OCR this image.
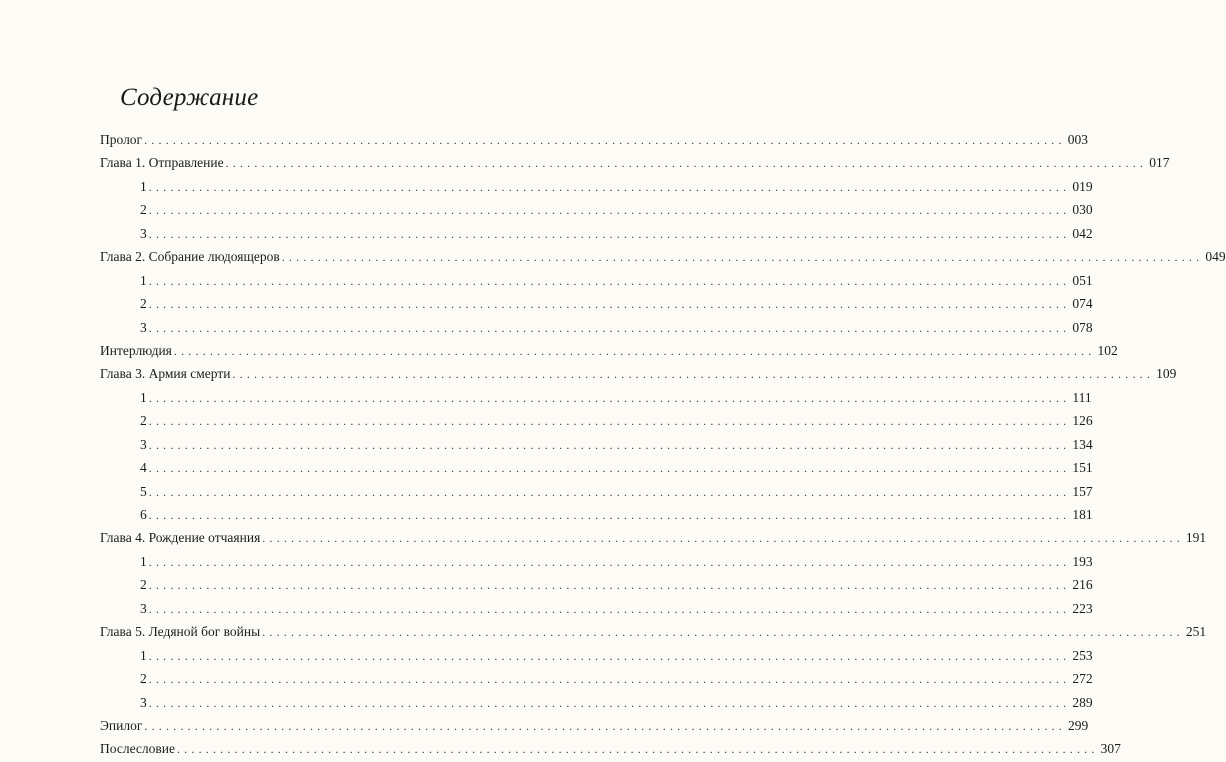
Содержание
Пролог ................................................................................................................................ 003
Глава 1. Отправление ................................................................................................................................ 017
1 ................................................................................................................................ 019
2 ................................................................................................................................ 030
3 ................................................................................................................................ 042
Глава 2. Собрание людоящеров ................................................................................................................................ 049
1 ................................................................................................................................ 051
2 ................................................................................................................................ 074
3 ................................................................................................................................ 078
Интерлюдия ................................................................................................................................ 102
Глава 3. Армия смерти ................................................................................................................................ 109
1 ................................................................................................................................ 111
2 ................................................................................................................................ 126
3 ................................................................................................................................ 134
4 ................................................................................................................................ 151
5 ................................................................................................................................ 157
6 ................................................................................................................................ 181
Глава 4. Рождение отчаяния ................................................................................................................................ 191
1 ................................................................................................................................ 193
2 ................................................................................................................................ 216
3 ................................................................................................................................ 223
Глава 5. Ледяной бог войны ................................................................................................................................ 251
1 ................................................................................................................................ 253
2 ................................................................................................................................ 272
3 ................................................................................................................................ 289
Эпилог ................................................................................................................................ 299
Послесловие ................................................................................................................................ 307
